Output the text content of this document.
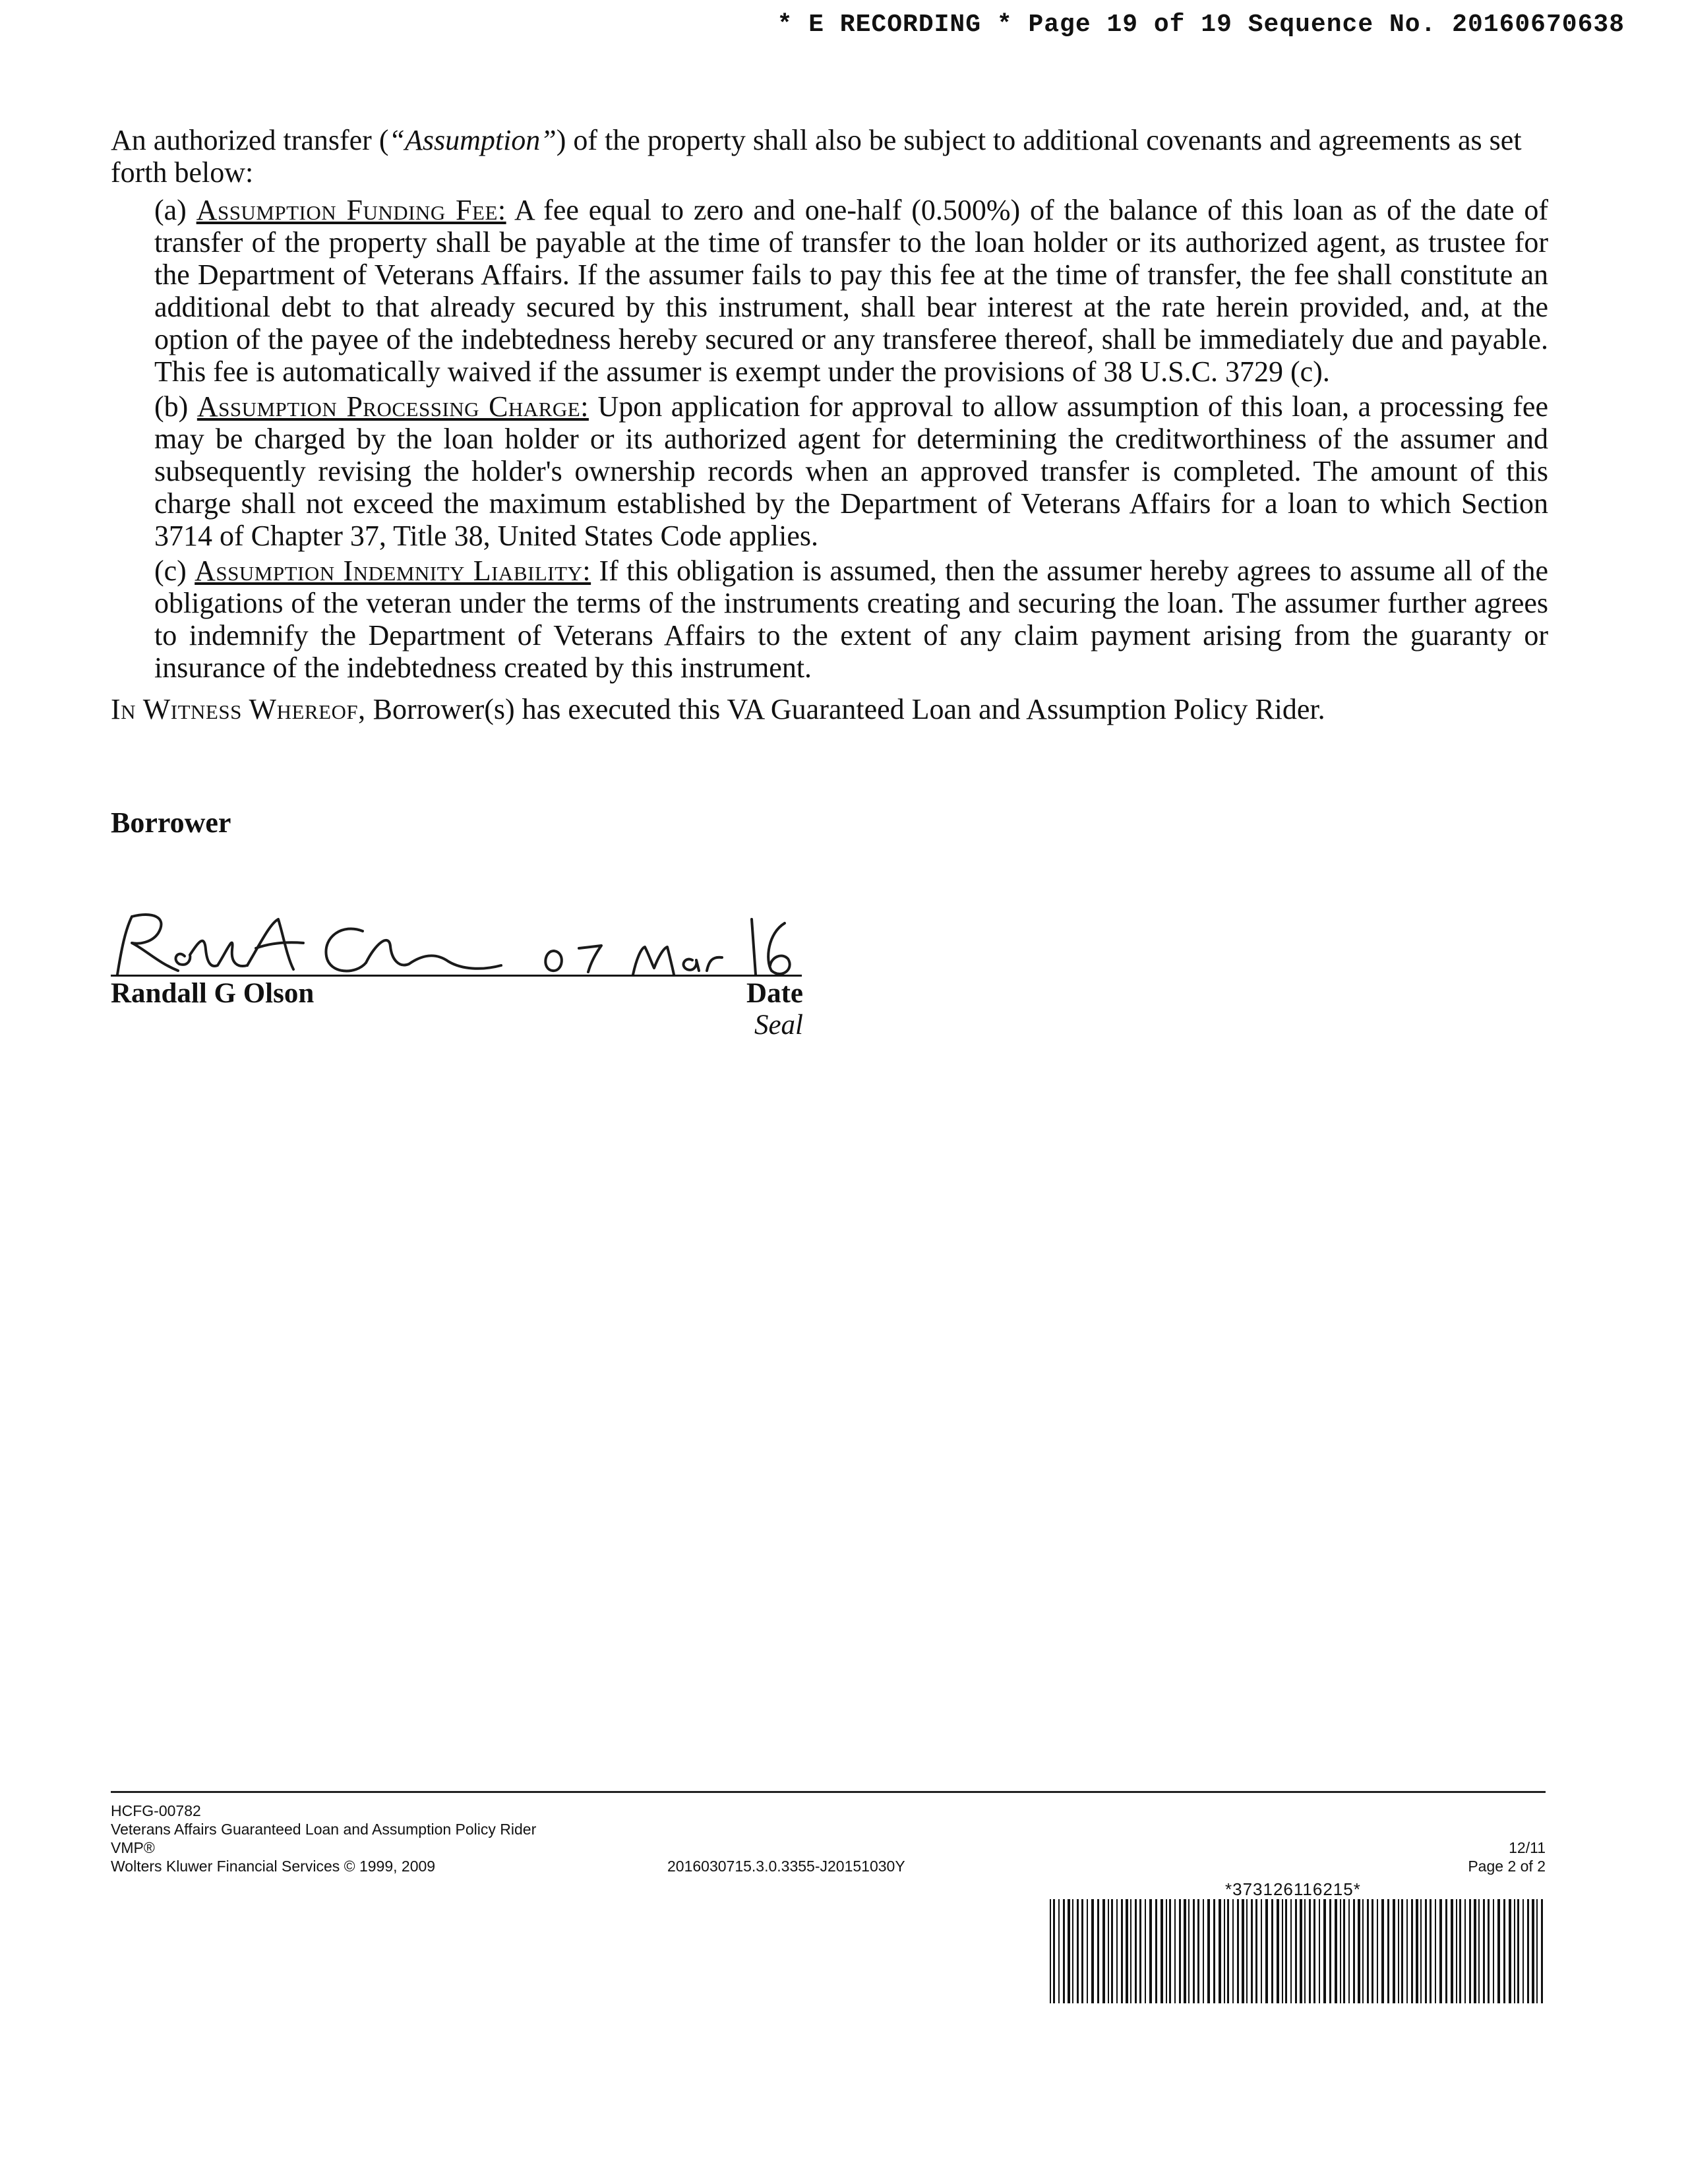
* E RECORDING * Page 19 of 19 Sequence No. 20160670638

An authorized transfer (“Assumption”) of the property shall also be subject to additional covenants and agreements as set forth below:

(a) Assumption Funding Fee: A fee equal to zero and one-half (0.500%) of the balance of this loan as of the date of transfer of the property shall be payable at the time of transfer to the loan holder or its authorized agent, as trustee for the Department of Veterans Affairs. If the assumer fails to pay this fee at the time of transfer, the fee shall constitute an additional debt to that already secured by this instrument, shall bear interest at the rate herein provided, and, at the option of the payee of the indebtedness hereby secured or any transferee thereof, shall be immediately due and payable. This fee is automatically waived if the assumer is exempt under the provisions of 38 U.S.C. 3729 (c).

(b) Assumption Processing Charge: Upon application for approval to allow assumption of this loan, a processing fee may be charged by the loan holder or its authorized agent for determining the creditworthiness of the assumer and subsequently revising the holder's ownership records when an approved transfer is completed. The amount of this charge shall not exceed the maximum established by the Department of Veterans Affairs for a loan to which Section 3714 of Chapter 37, Title 38, United States Code applies.

(c) Assumption Indemnity Liability: If this obligation is assumed, then the assumer hereby agrees to assume all of the obligations of the veteran under the terms of the instruments creating and securing the loan. The assumer further agrees to indemnify the Department of Veterans Affairs to the extent of any claim payment arising from the guaranty or insurance of the indebtedness created by this instrument.

In Witness Whereof, Borrower(s) has executed this VA Guaranteed Loan and Assumption Policy Rider.

Borrower
Randall G Olson	Date
Seal
HCFG-00782
Veterans Affairs Guaranteed Loan and Assumption Policy Rider
VMP®
Wolters Kluwer Financial Services © 1999, 2009	2016030715.3.0.3355-J20151030Y
12/11
Page 2 of 2
*373126116215*
